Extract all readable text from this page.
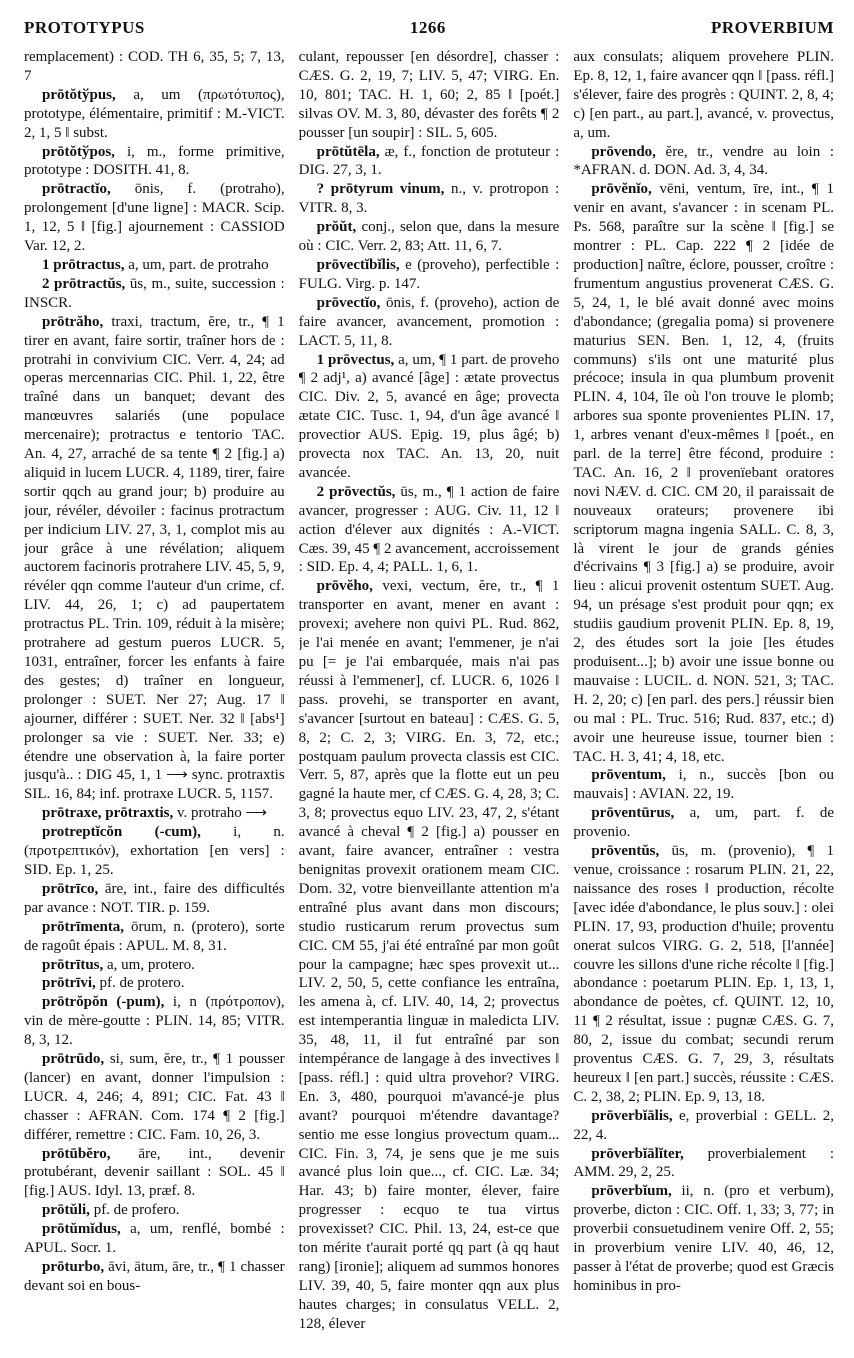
PROTOTYPUS	1266	PROVERBIUM

remplacement) : COD. TH 6, 35, 5; 7, 13, 7

prōtŏtўpus, a, um (πρωτότυπος), prototype, élémentaire, primitif : M.-VICT. 2, 1, 5 ‖ subst.

prōtŏtўpos, i, m., forme primitive, prototype : DOSITH. 41, 8.

prōtractĭo, ōnis, f. (protraho), prolongement [d'une ligne] : MACR. Scip. 1, 12, 5 ‖ [fig.] ajournement : CASSIOD Var. 12, 2.

1 prōtractus, a, um, part. de protraho

2 prōtractŭs, ūs, m., suite, succession : INSCR.

prōtrăho, traxi, tractum, ĕre, tr., ¶ 1 tirer en avant, faire sortir, traîner hors de : protrahi in convivium CIC. Verr. 4, 24; ad operas mercennarias CIC. Phil. 1, 22, être traîné dans un banquet; devant des manœuvres salariés (une populace mercenaire); protractus e tentorio TAC. An. 4, 27, arraché de sa tente ¶ 2 [fig.] a) aliquid in lucem LUCR. 4, 1189, tirer, faire sortir qqch au grand jour; b) produire au jour, révéler, dévoiler : facinus protractum per indicium LIV. 27, 3, 1, complot mis au jour grâce à une révélation; aliquem auctorem facinoris protrahere LIV. 45, 5, 9, révéler qqn comme l'auteur d'un crime, cf. LIV. 44, 26, 1; c) ad paupertatem protractus PL. Trin. 109, réduit à la misère; protrahere ad gestum pueros LUCR. 5, 1031, entraîner, forcer les enfants à faire des gestes; d) traîner en longueur, prolonger : SUET. Ner 27; Aug. 17 ‖ ajourner, différer : SUET. Ner. 32 ‖ [abs¹] prolonger sa vie : SUET. Ner. 33; e) étendre une observation à, la faire porter jusqu'à.. : DIG 45, 1, 1 ⟶ sync. protraxtis SIL. 16, 84; inf. protraxe LUCR. 5, 1157.

prōtraxe, prōtraxtis, v. protraho ⟶

protreptĭcŏn (-cum), i, n. (προτρεπτικόν), exhortation [en vers] : SID. Ep. 1, 25.

prōtrīco, āre, int., faire des difficultés par avance : NOT. TIR. p. 159.

prōtrīmenta, ōrum, n. (protero), sorte de ragoût épais : APUL. M. 8, 31.

prōtrītus, a, um, protero.

prōtrīvi, pf. de protero.

prōtrŏpŏn (-pum), i, n (πρότροπον), vin de mère-goutte : PLIN. 14, 85; VITR. 8, 3, 12.

prōtrūdo, si, sum, ĕre, tr., ¶ 1 pousser (lancer) en avant, donner l'impulsion : LUCR. 4, 246; 4, 891; CIC. Fat. 43 ‖ chasser : AFRAN. Com. 174 ¶ 2 [fig.] différer, remettre : CIC. Fam. 10, 26, 3.

prōtūbĕro, āre, int., devenir protubérant, devenir saillant : SOL. 45 ‖ [fig.] AUS. Idyl. 13, præf. 8.

prōtŭli, pf. de profero.

prōtŭmĭdus, a, um, renflé, bombé : APUL. Socr. 1.

prōturbo, āvi, ātum, āre, tr., ¶ 1 chasser devant soi en bous-

culant, repousser [en désordre], chasser : CÆS. G. 2, 19, 7; LIV. 5, 47; VIRG. En. 10, 801; TAC. H. 1, 60; 2, 85 ‖ [poét.] silvas OV. M. 3, 80, dévaster des forêts ¶ 2 pousser [un soupir] : SIL. 5, 605.

prōtŭtēla, æ, f., fonction de protuteur : DIG. 27, 3, 1.

? prōtyrum vinum, n., v. protropon : VITR. 8, 3.

prŏŭt, conj., selon que, dans la mesure où : CIC. Verr. 2, 83; Att. 11, 6, 7.

prōvectĭbĭlis, e (proveho), perfectible : FULG. Virg. p. 147.

prōvectĭo, ōnis, f. (proveho), action de faire avancer, avancement, promotion : LACT. 5, 11, 8.

1 prōvectus, a, um, ¶ 1 part. de proveho ¶ 2 adj¹, a) avancé [âge] : ætate provectus CIC. Div. 2, 5, avancé en âge; provecta ætate CIC. Tusc. 1, 94, d'un âge avancé ‖ provectior AUS. Epig. 19, plus âgé; b) provecta nox TAC. An. 13, 20, nuit avancée.

2 prōvectŭs, ūs, m., ¶ 1 action de faire avancer, progresser : AUG. Civ. 11, 12 ‖ action d'élever aux dignités : A.-VICT. Cæs. 39, 45 ¶ 2 avancement, accroissement : SID. Ep. 4, 4; PALL. 1, 6, 1.

prōvĕho, vexi, vectum, ĕre, tr., ¶ 1 transporter en avant, mener en avant : provexi; avehere non quivi PL. Rud. 862, je l'ai menée en avant; l'emmener, je n'ai pu [= je l'ai embarquée, mais n'ai pas réussi à l'emmener], cf. LUCR. 6, 1026 ‖ pass. provehi, se transporter en avant, s'avancer [surtout en bateau] : CÆS. G. 5, 8, 2; C. 2, 3; VIRG. En. 3, 72, etc.; postquam paulum provecta classis est CIC. Verr. 5, 87, après que la flotte eut un peu gagné la haute mer, cf CÆS. G. 4, 28, 3; C. 3, 8; provectus equo LIV. 23, 47, 2, s'étant avancé à cheval ¶ 2 [fig.] a) pousser en avant, faire avancer, entraîner : vestra benignitas provexit orationem meam CIC. Dom. 32, votre bienveillante attention m'a entraîné plus avant dans mon discours; studio rusticarum rerum provectus sum CIC. CM 55, j'ai été entraîné par mon goût pour la campagne; hæc spes provexit ut... LIV. 2, 50, 5, cette confiance les entraîna, les amena à, cf. LIV. 40, 14, 2; provectus est intemperantia linguæ in maledicta LIV. 35, 48, 11, il fut entraîné par son intempérance de langage à des invectives ‖ [pass. réfl.] : quid ultra provehor? VIRG. En. 3, 480, pourquoi m'avancé-je plus avant? pourquoi m'étendre davantage? sentio me esse longius provectum quam... CIC. Fin. 3, 74, je sens que je me suis avancé plus loin que..., cf. CIC. Læ. 34; Har. 43; b) faire monter, élever, faire progresser : ecquo te tua virtus provexisset? CIC. Phil. 13, 24, est-ce que ton mérite t'aurait porté qq part (à qq haut rang) [ironie]; aliquem ad summos honores LIV. 39, 40, 5, faire monter qqn aux plus hautes charges; in consulatus VELL. 2, 128, élever

aux consulats; aliquem provehere PLIN. Ep. 8, 12, 1, faire avancer qqn ‖ [pass. réfl.] s'élever, faire des progrès : QUINT. 2, 8, 4; c) [en part., au part.], avancé, v. provectus, a, um.

prōvendo, ĕre, tr., vendre au loin : *AFRAN. d. DON. Ad. 3, 4, 34.

prōvĕnĭo, vēni, ventum, īre, int., ¶ 1 venir en avant, s'avancer : in scenam PL. Ps. 568, paraître sur la scène ‖ [fig.] se montrer : PL. Cap. 222 ¶ 2 [idée de production] naître, éclore, pousser, croître : frumentum angustius provenerat CÆS. G. 5, 24, 1, le blé avait donné avec moins d'abondance; (gregalia poma) si provenere maturius SEN. Ben. 1, 12, 4, (fruits communs) s'ils ont une maturité plus précoce; insula in qua plumbum provenit PLIN. 4, 104, île où l'on trouve le plomb; arbores sua sponte provenientes PLIN. 17, 1, arbres venant d'eux-mêmes ‖ [poét., en parl. de la terre] être fécond, produire : TAC. An. 16, 2 ‖ provenïebant oratores novi NÆV. d. CIC. CM 20, il paraissait de nouveaux orateurs; provenere ibi scriptorum magna ingenia SALL. C. 8, 3, là virent le jour de grands génies d'écrivains ¶ 3 [fig.] a) se produire, avoir lieu : alicui provenit ostentum SUET. Aug. 94, un présage s'est produit pour qqn; ex studiis gaudium provenit PLIN. Ep. 8, 19, 2, des études sort la joie [les études produisent...]; b) avoir une issue bonne ou mauvaise : LUCIL. d. NON. 521, 3; TAC. H. 2, 20; c) [en parl. des pers.] réussir bien ou mal : PL. Truc. 516; Rud. 837, etc.; d) avoir une heureuse issue, tourner bien : TAC. H. 3, 41; 4, 18, etc.

prōventum, i, n., succès [bon ou mauvais] : AVIAN. 22, 19.

prōventūrus, a, um, part. f. de provenio.

prōventŭs, ūs, m. (provenio), ¶ 1 venue, croissance : rosarum PLIN. 21, 22, naissance des roses ‖ production, récolte [avec idée d'abondance, le plus souv.] : olei PLIN. 17, 93, production d'huile; proventu onerat sulcos VIRG. G. 2, 518, [l'année] couvre les sillons d'une riche récolte ‖ [fig.] abondance : poetarum PLIN. Ep. 1, 13, 1, abondance de poètes, cf. QUINT. 12, 10, 11 ¶ 2 résultat, issue : pugnæ CÆS. G. 7, 80, 2, issue du combat; secundi rerum proventus CÆS. G. 7, 29, 3, résultats heureux ‖ [en part.] succès, réussite : CÆS. C. 2, 38, 2; PLIN. Ep. 9, 13, 18.

prōverbĭālis, e, proverbial : GELL. 2, 22, 4.

prōverbĭālĭter, proverbialement : AMM. 29, 2, 25.

prōverbĭum, ii, n. (pro et verbum), proverbe, dicton : CIC. Off. 1, 33; 3, 77; in proverbii consuetudinem venire Off. 2, 55; in proverbium venire LIV. 40, 46, 12, passer à l'état de proverbe; quod est Græcis hominibus in pro-
